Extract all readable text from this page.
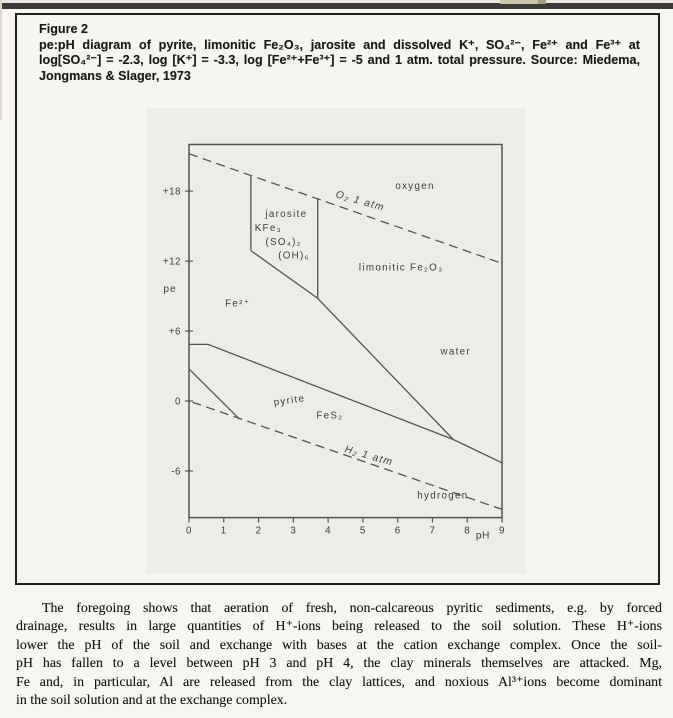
Figure 2
pe:pH diagram of pyrite, limonitic Fe₂O₃, jarosite and dissolved K⁺, SO₄²⁻, Fe²⁺ and Fe³⁺ at
log[SO₄²⁻] = -2.3, log [K⁺] = -3.3, log [Fe²⁺+Fe³⁺] = -5 and 1 atm. total pressure. Source: Miedema,
Jongmans & Slager, 1973
0	1	2	3	4	5	6	7	8	9
+18
+12
+6
0
-6
pe
pH
oxygen
O₂ 1 atm
jarosite
KFe₃
(SO₄)₂
(OH)₆
limonitic Fe₂O₃
Fe²⁺
water
pyrite
FeS₂
H₂ 1 atm
hydrogen
The foregoing shows that aeration of fresh, non-calcareous pyritic sediments, e.g. by forced
drainage, results in large quantities of H⁺-ions being released to the soil solution. These H⁺-ions
lower the pH of the soil and exchange with bases at the cation exchange complex. Once the soil-
pH has fallen to a level between pH 3 and pH 4, the clay minerals themselves are attacked. Mg,
Fe and, in particular, Al are released from the clay lattices, and noxious Al³⁺ions become dominant
in the soil solution and at the exchange complex.
